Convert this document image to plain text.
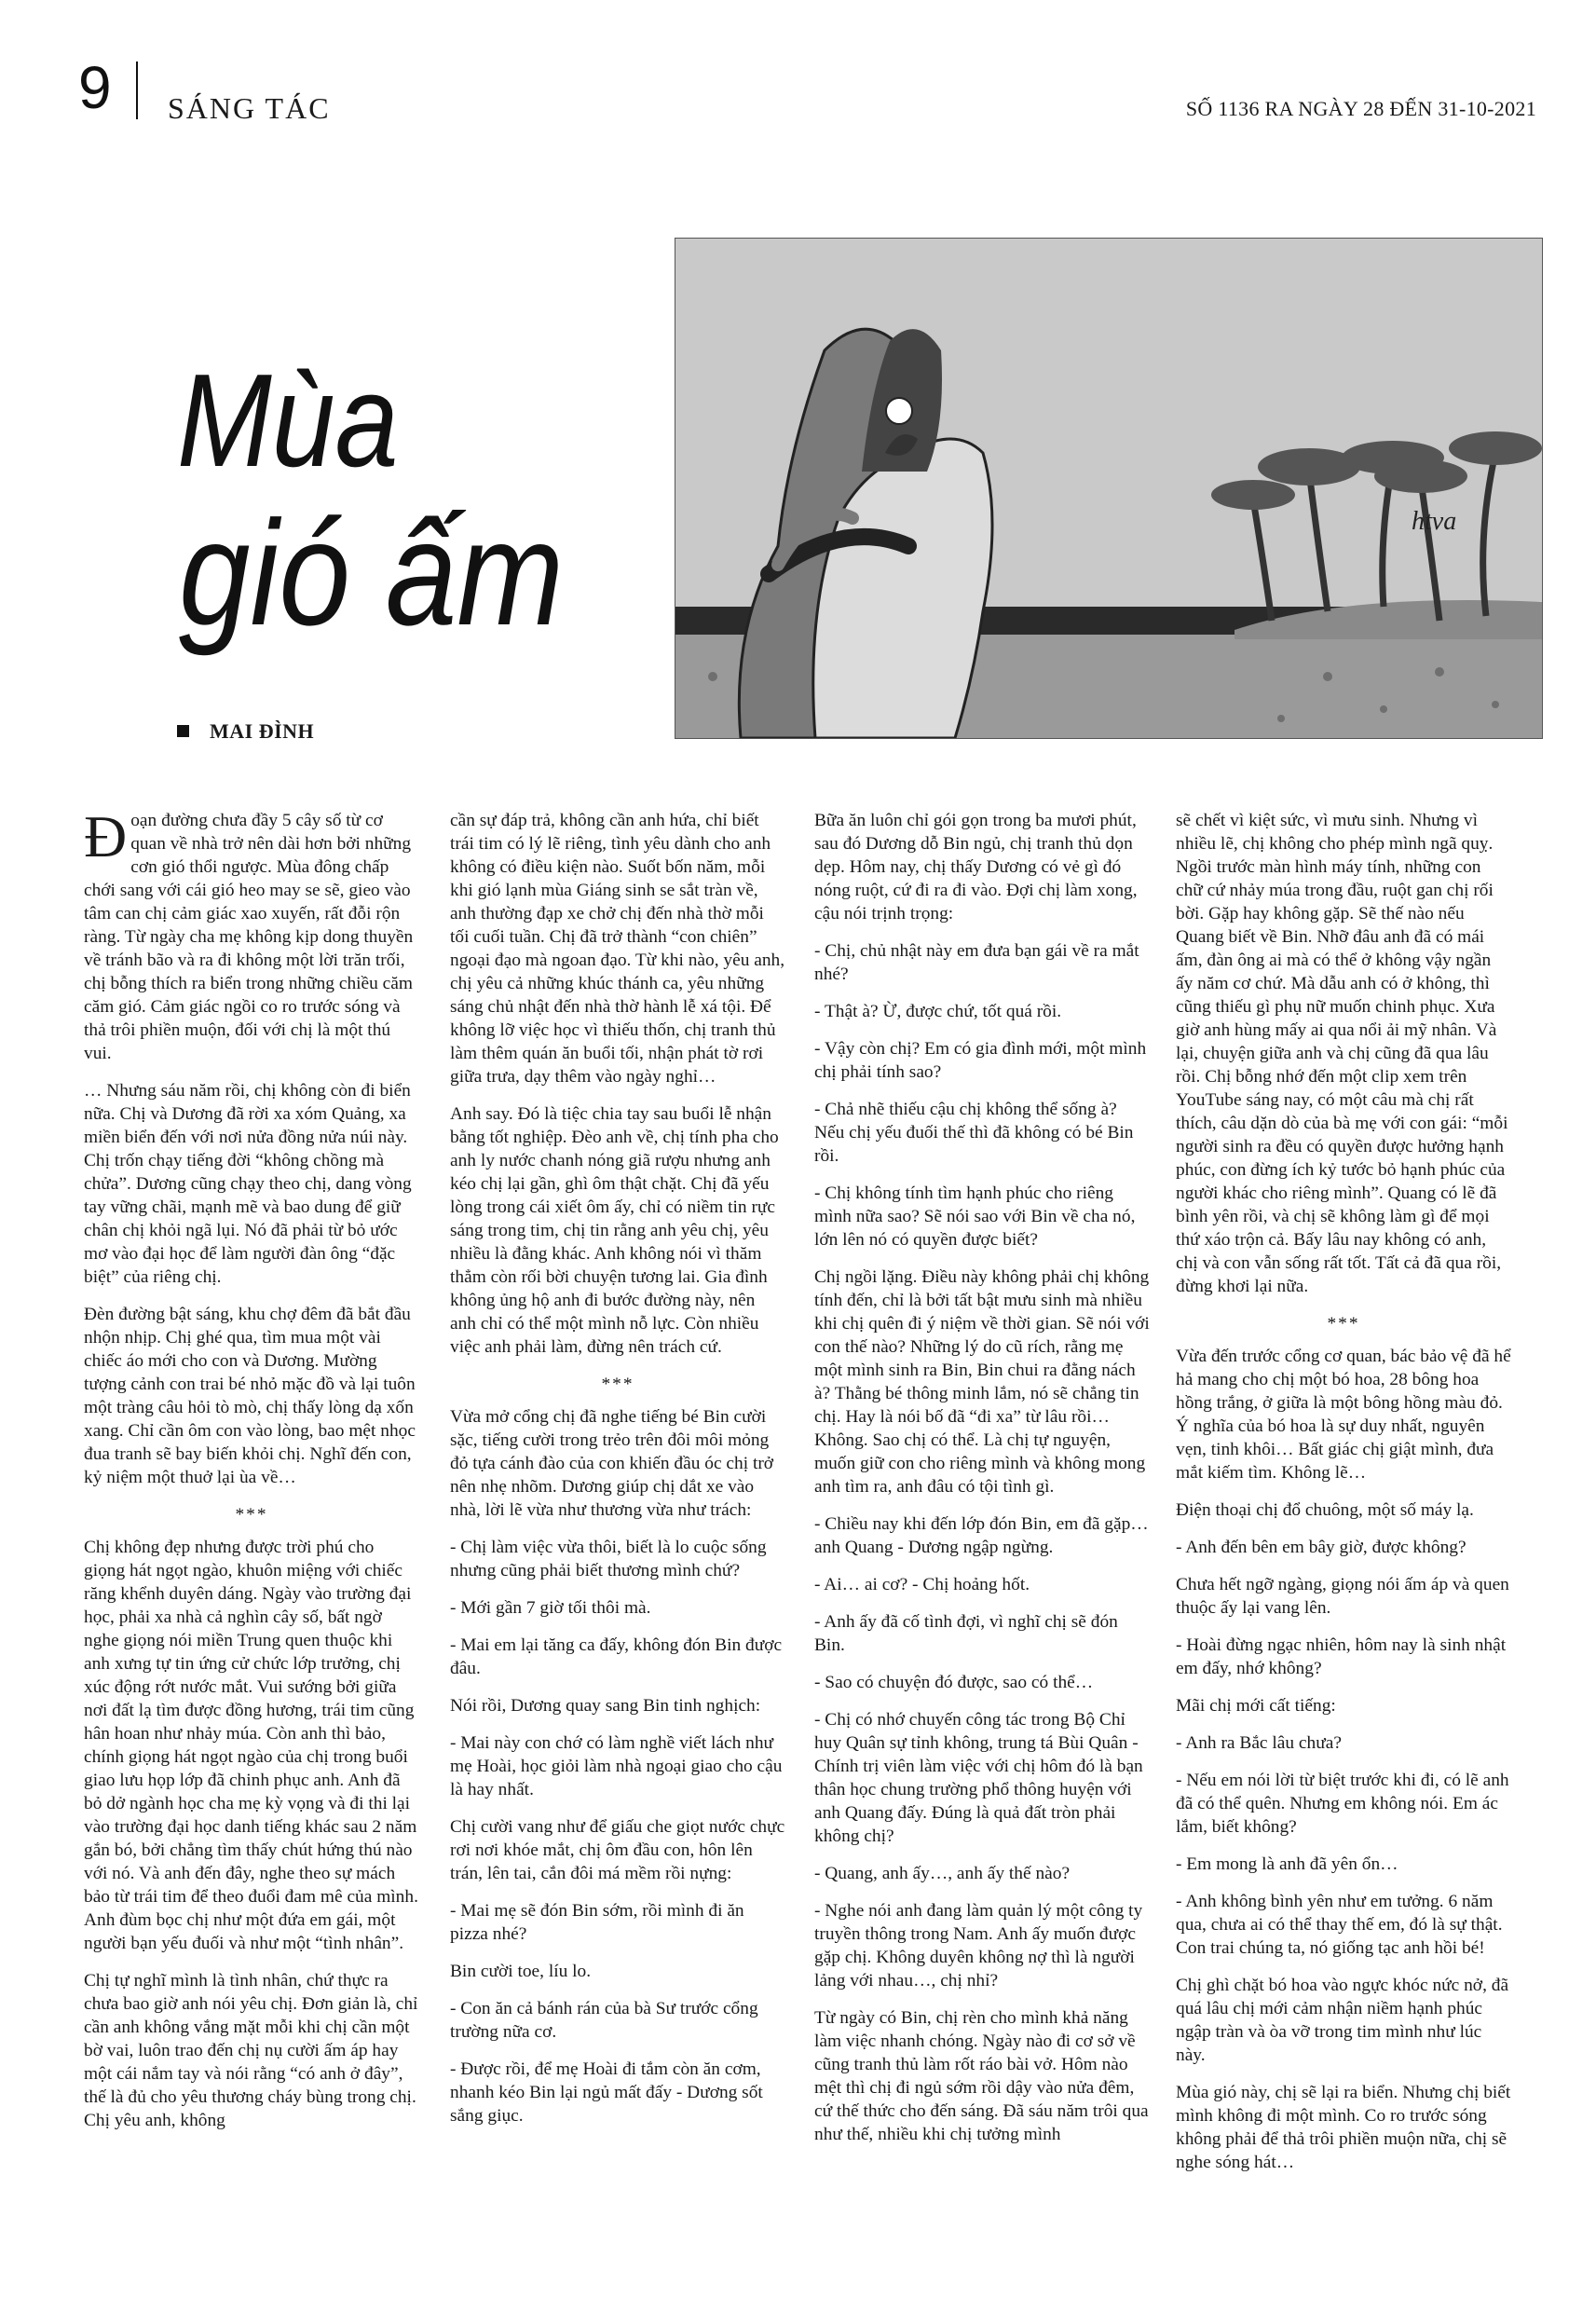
9 SÁNG TÁC	SỐ 1136 RA NGÀY 28 ĐẾN 31-10-2021
htva
Mùa
gió ấm
MAI ĐÌNH

Đoạn đường chưa đầy 5 cây số từ cơ quan về nhà trở nên dài hơn bởi những cơn gió thổi ngược. Mùa đông chấp chới sang với cái gió heo may se sẽ, gieo vào tâm can chị cảm giác xao xuyến, rất đỗi rộn ràng. Từ ngày cha mẹ không kịp dong thuyền về tránh bão và ra đi không một lời trăn trối, chị bỗng thích ra biển trong những chiều căm căm gió. Cảm giác ngồi co ro trước sóng và thả trôi phiền muộn, đối với chị là một thú vui.

… Nhưng sáu năm rồi, chị không còn đi biển nữa. Chị và Dương đã rời xa xóm Quảng, xa miền biển đến với nơi nửa đồng nửa núi này. Chị trốn chạy tiếng đời “không chồng mà chửa”. Dương cũng chạy theo chị, dang vòng tay vững chãi, mạnh mẽ và bao dung để giữ chân chị khỏi ngã lụi. Nó đã phải từ bỏ ước mơ vào đại học để làm người đàn ông “đặc biệt” của riêng chị.

Đèn đường bật sáng, khu chợ đêm đã bắt đầu nhộn nhịp. Chị ghé qua, tìm mua một vài chiếc áo mới cho con và Dương. Mường tượng cảnh con trai bé nhỏ mặc đồ và lại tuôn một tràng câu hỏi tò mò, chị thấy lòng dạ xốn xang. Chỉ cần ôm con vào lòng, bao mệt nhọc đua tranh sẽ bay biến khỏi chị. Nghĩ đến con, kỷ niệm một thuở lại ùa về…

***

Chị không đẹp nhưng được trời phú cho giọng hát ngọt ngào, khuôn miệng với chiếc răng khểnh duyên dáng. Ngày vào trường đại học, phải xa nhà cả nghìn cây số, bất ngờ nghe giọng nói miền Trung quen thuộc khi anh xưng tự tin ứng cử chức lớp trưởng, chị xúc động rớt nước mắt. Vui sướng bởi giữa nơi đất lạ tìm được đồng hương, trái tim cũng hân hoan như nhảy múa. Còn anh thì bảo, chính giọng hát ngọt ngào của chị trong buổi giao lưu họp lớp đã chinh phục anh. Anh đã bỏ dở ngành học cha mẹ kỳ vọng và đi thi lại vào trường đại học danh tiếng khác sau 2 năm gắn bó, bởi chẳng tìm thấy chút hứng thú nào với nó. Và anh đến đây, nghe theo sự mách bảo từ trái tim để theo đuổi đam mê của mình. Anh đùm bọc chị như một đứa em gái, một người bạn yếu đuối và như một “tình nhân”.

Chị tự nghĩ mình là tình nhân, chứ thực ra chưa bao giờ anh nói yêu chị. Đơn giản là, chỉ cần anh không vắng mặt mỗi khi chị cần một bờ vai, luôn trao đến chị nụ cười ấm áp hay một cái nắm tay và nói rằng “có anh ở đây”, thế là đủ cho yêu thương cháy bùng trong chị. Chị yêu anh, không

cần sự đáp trả, không cần anh hứa, chỉ biết trái tim có lý lẽ riêng, tình yêu dành cho anh không có điều kiện nào. Suốt bốn năm, mỗi khi gió lạnh mùa Giáng sinh se sắt tràn về, anh thường đạp xe chở chị đến nhà thờ mỗi tối cuối tuần. Chị đã trở thành “con chiên” ngoại đạo mà ngoan đạo. Từ khi nào, yêu anh, chị yêu cả những khúc thánh ca, yêu những sáng chủ nhật đến nhà thờ hành lễ xá tội. Để không lỡ việc học vì thiếu thốn, chị tranh thủ làm thêm quán ăn buổi tối, nhận phát tờ rơi giữa trưa, dạy thêm vào ngày nghỉ…

Anh say. Đó là tiệc chia tay sau buổi lễ nhận bằng tốt nghiệp. Đèo anh về, chị tính pha cho anh ly nước chanh nóng giã rượu nhưng anh kéo chị lại gần, ghì ôm thật chặt. Chị đã yếu lòng trong cái xiết ôm ấy, chỉ có niềm tin rực sáng trong tim, chị tin rằng anh yêu chị, yêu nhiều là đằng khác. Anh không nói vì thăm thẳm còn rối bời chuyện tương lai. Gia đình không ủng hộ anh đi bước đường này, nên anh chỉ có thể một mình nỗ lực. Còn nhiều việc anh phải làm, đừng nên trách cứ.

***

Vừa mở cổng chị đã nghe tiếng bé Bin cười sặc, tiếng cười trong trẻo trên đôi môi mỏng đỏ tựa cánh đào của con khiến đầu óc chị trở nên nhẹ nhõm. Dương giúp chị dắt xe vào nhà, lời lẽ vừa như thương vừa như trách:

- Chị làm việc vừa thôi, biết là lo cuộc sống nhưng cũng phải biết thương mình chứ?

- Mới gần 7 giờ tối thôi mà.

- Mai em lại tăng ca đấy, không đón Bin được đâu.

Nói rồi, Dương quay sang Bin tinh nghịch:

- Mai này con chớ có làm nghề viết lách như mẹ Hoài, học giỏi làm nhà ngoại giao cho cậu là hay nhất.

Chị cười vang như để giấu che giọt nước chực rơi nơi khóe mắt, chị ôm đầu con, hôn lên trán, lên tai, cắn đôi má mềm rồi nựng:

- Mai mẹ sẽ đón Bin sớm, rồi mình đi ăn pizza nhé?

Bin cười toe, líu lo.

- Con ăn cả bánh rán của bà Sư trước cổng trường nữa cơ.

- Được rồi, để mẹ Hoài đi tắm còn ăn cơm, nhanh kéo Bin lại ngủ mất đấy - Dương sốt sắng giục.

Bữa ăn luôn chỉ gói gọn trong ba mươi phút, sau đó Dương dỗ Bin ngủ, chị tranh thủ dọn dẹp. Hôm nay, chị thấy Dương có vẻ gì đó nóng ruột, cứ đi ra đi vào. Đợi chị làm xong, cậu nói trịnh trọng:

- Chị, chủ nhật này em đưa bạn gái về ra mắt nhé?

- Thật à? Ừ, được chứ, tốt quá rồi.

- Vậy còn chị? Em có gia đình mới, một mình chị phải tính sao?

- Chả nhẽ thiếu cậu chị không thể sống à? Nếu chị yếu đuối thế thì đã không có bé Bin rồi.

- Chị không tính tìm hạnh phúc cho riêng mình nữa sao? Sẽ nói sao với Bin về cha nó, lớn lên nó có quyền được biết?

Chị ngồi lặng. Điều này không phải chị không tính đến, chỉ là bởi tất bật mưu sinh mà nhiều khi chị quên đi ý niệm về thời gian. Sẽ nói với con thế nào? Những lý do cũ rích, rằng mẹ một mình sinh ra Bin, Bin chui ra đằng nách à? Thằng bé thông minh lắm, nó sẽ chẳng tin chị. Hay là nói bố đã “đi xa” từ lâu rồi… Không. Sao chị có thể. Là chị tự nguyện, muốn giữ con cho riêng mình và không mong anh tìm ra, anh đâu có tội tình gì.

- Chiều nay khi đến lớp đón Bin, em đã gặp… anh Quang - Dương ngập ngừng.

- Ai… ai cơ? - Chị hoảng hốt.

- Anh ấy đã cố tình đợi, vì nghĩ chị sẽ đón Bin.

- Sao có chuyện đó được, sao có thể…

- Chị có nhớ chuyến công tác trong Bộ Chỉ huy Quân sự tỉnh không, trung tá Bùi Quân - Chính trị viên làm việc với chị hôm đó là bạn thân học chung trường phổ thông huyện với anh Quang đấy. Đúng là quả đất tròn phải không chị?

- Quang, anh ấy…, anh ấy thế nào?

- Nghe nói anh đang làm quản lý một công ty truyền thông trong Nam. Anh ấy muốn được gặp chị. Không duyên không nợ thì là người lảng với nhau…, chị nhỉ?

Từ ngày có Bin, chị rèn cho mình khả năng làm việc nhanh chóng. Ngày nào đi cơ sở về cũng tranh thủ làm rốt ráo bài vở. Hôm nào mệt thì chị đi ngủ sớm rồi dậy vào nửa đêm, cứ thế thức cho đến sáng. Đã sáu năm trôi qua như thế, nhiều khi chị tưởng mình

sẽ chết vì kiệt sức, vì mưu sinh. Nhưng vì nhiều lẽ, chị không cho phép mình ngã quỵ. Ngồi trước màn hình máy tính, những con chữ cứ nhảy múa trong đầu, ruột gan chị rối bời. Gặp hay không gặp. Sẽ thế nào nếu Quang biết về Bin. Nhỡ đâu anh đã có mái ấm, đàn ông ai mà có thể ở không vậy ngần ấy năm cơ chứ. Mà dẫu anh có ở không, thì cũng thiếu gì phụ nữ muốn chinh phục. Xưa giờ anh hùng mấy ai qua nổi ải mỹ nhân. Và lại, chuyện giữa anh và chị cũng đã qua lâu rồi. Chị bỗng nhớ đến một clip xem trên YouTube sáng nay, có một câu mà chị rất thích, câu dặn dò của bà mẹ với con gái: “mỗi người sinh ra đều có quyền được hưởng hạnh phúc, con đừng ích kỷ tước bỏ hạnh phúc của người khác cho riêng mình”. Quang có lẽ đã bình yên rồi, và chị sẽ không làm gì để mọi thứ xáo trộn cả. Bấy lâu nay không có anh, chị và con vẫn sống rất tốt. Tất cả đã qua rồi, đừng khơi lại nữa.

***

Vừa đến trước cổng cơ quan, bác bảo vệ đã hể hả mang cho chị một bó hoa, 28 bông hoa hồng trắng, ở giữa là một bông hồng màu đỏ. Ý nghĩa của bó hoa là sự duy nhất, nguyên vẹn, tinh khôi… Bất giác chị giật mình, đưa mắt kiếm tìm. Không lẽ…

Điện thoại chị đổ chuông, một số máy lạ.

- Anh đến bên em bây giờ, được không?

Chưa hết ngỡ ngàng, giọng nói ấm áp và quen thuộc ấy lại vang lên.

- Hoài đừng ngạc nhiên, hôm nay là sinh nhật em đấy, nhớ không?

Mãi chị mới cất tiếng:

- Anh ra Bắc lâu chưa?

- Nếu em nói lời từ biệt trước khi đi, có lẽ anh đã có thể quên. Nhưng em không nói. Em ác lắm, biết không?

- Em mong là anh đã yên ổn…

- Anh không bình yên như em tưởng. 6 năm qua, chưa ai có thể thay thế em, đó là sự thật. Con trai chúng ta, nó giống tạc anh hồi bé!

Chị ghì chặt bó hoa vào ngực khóc nức nở, đã quá lâu chị mới cảm nhận niềm hạnh phúc ngập tràn và òa vỡ trong tim mình như lúc này.

Mùa gió này, chị sẽ lại ra biển. Nhưng chị biết mình không đi một mình. Co ro trước sóng không phải để thả trôi phiền muộn nữa, chị sẽ nghe sóng hát…
